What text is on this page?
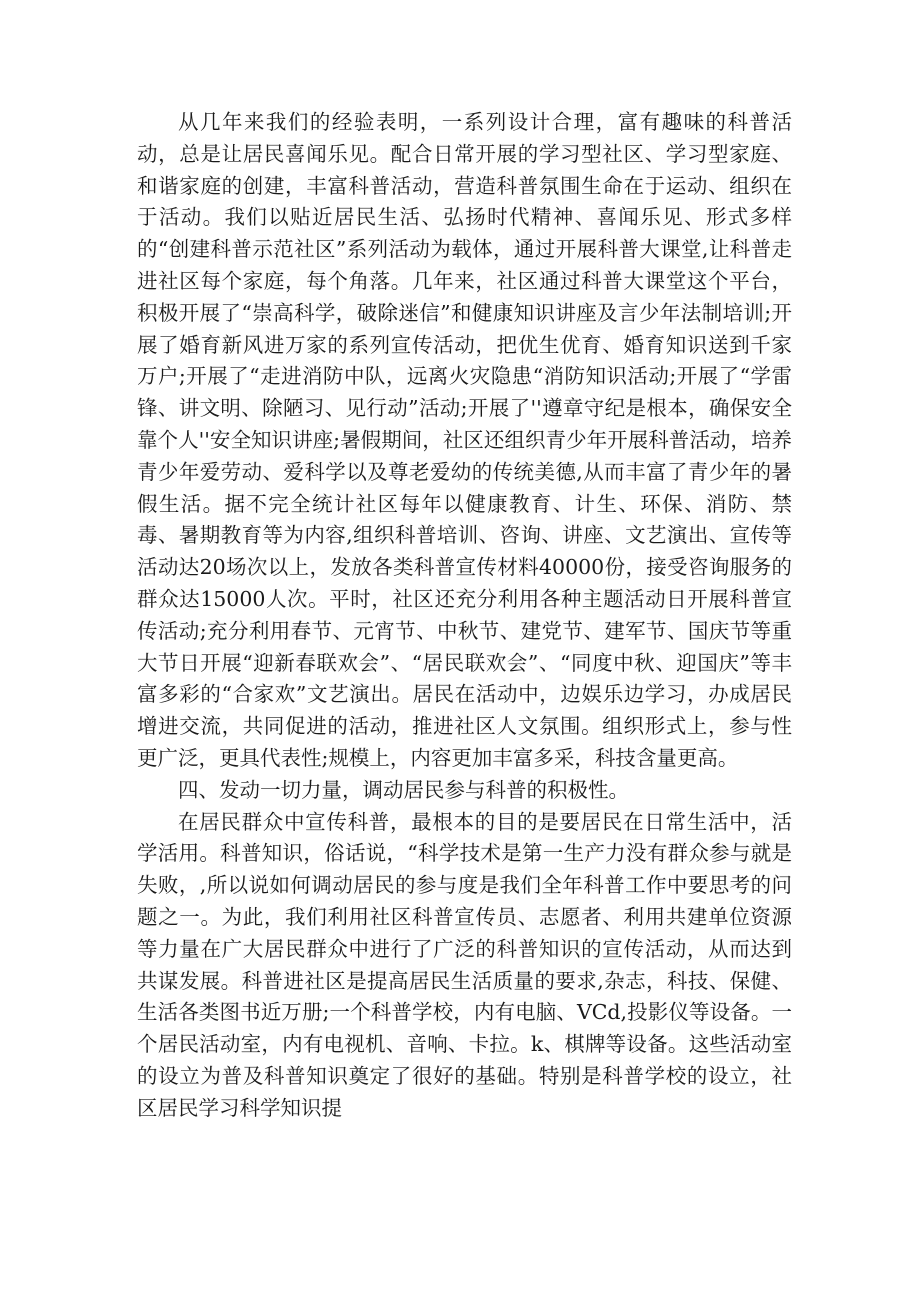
从几年来我们的经验表明，一系列设计合理，富有趣味的科普活动，总是让居民喜闻乐见。配合日常开展的学习型社区、学习型家庭、和谐家庭的创建，丰富科普活动，营造科普氛围生命在于运动、组织在于活动。我们以贴近居民生活、弘扬时代精神、喜闻乐见、形式多样的“创建科普示范社区”系列活动为载体，通过开展科普大课堂,让科普走进社区每个家庭，每个角落。几年来，社区通过科普大课堂这个平台，积极开展了“崇高科学，破除迷信”和健康知识讲座及言少年法制培训;开展了婚育新风进万家的系列宣传活动，把优生优育、婚育知识送到千家万户;开展了“走进消防中队，远离火灾隐患“消防知识活动;开展了“学雷锋、讲文明、除陋习、见行动”活动;开展了''遵章守纪是根本，确保安全靠个人''安全知识讲座;暑假期间，社区还组织青少年开展科普活动，培养青少年爱劳动、爱科学以及尊老爱幼的传统美德,从而丰富了青少年的暑假生活。据不完全统计社区每年以健康教育、计生、环保、消防、禁毒、暑期教育等为内容,组织科普培训、咨询、讲座、文艺演出、宣传等活动达20场次以上，发放各类科普宣传材料40000份，接受咨询服务的群众达15000人次。平时，社区还充分利用各种主题活动日开展科普宣传活动;充分利用春节、元宵节、中秋节、建党节、建军节、国庆节等重大节日开展“迎新春联欢会”、“居民联欢会”、“同度中秋、迎国庆”等丰富多彩的“合家欢”文艺演出。居民在活动中，边娱乐边学习，办成居民增进交流，共同促进的活动，推进社区人文氛围。组织形式上，参与性更广泛，更具代表性;规模上，内容更加丰富多采，科技含量更高。

四、发动一切力量，调动居民参与科普的积极性。

在居民群众中宣传科普，最根本的目的是要居民在日常生活中，活学活用。科普知识，俗话说，“科学技术是第一生产力没有群众参与就是失败，,所以说如何调动居民的参与度是我们全年科普工作中要思考的问题之一。为此，我们利用社区科普宣传员、志愿者、利用共建单位资源等力量在广大居民群众中进行了广泛的科普知识的宣传活动，从而达到共谋发展。科普进社区是提高居民生活质量的要求,杂志，科技、保健、生活各类图书近万册;一个科普学校，内有电脑、VCd,投影仪等设备。一个居民活动室，内有电视机、音响、卡拉。k、棋牌等设备。这些活动室的设立为普及科普知识奠定了很好的基础。特别是科普学校的设立，社区居民学习科学知识提
